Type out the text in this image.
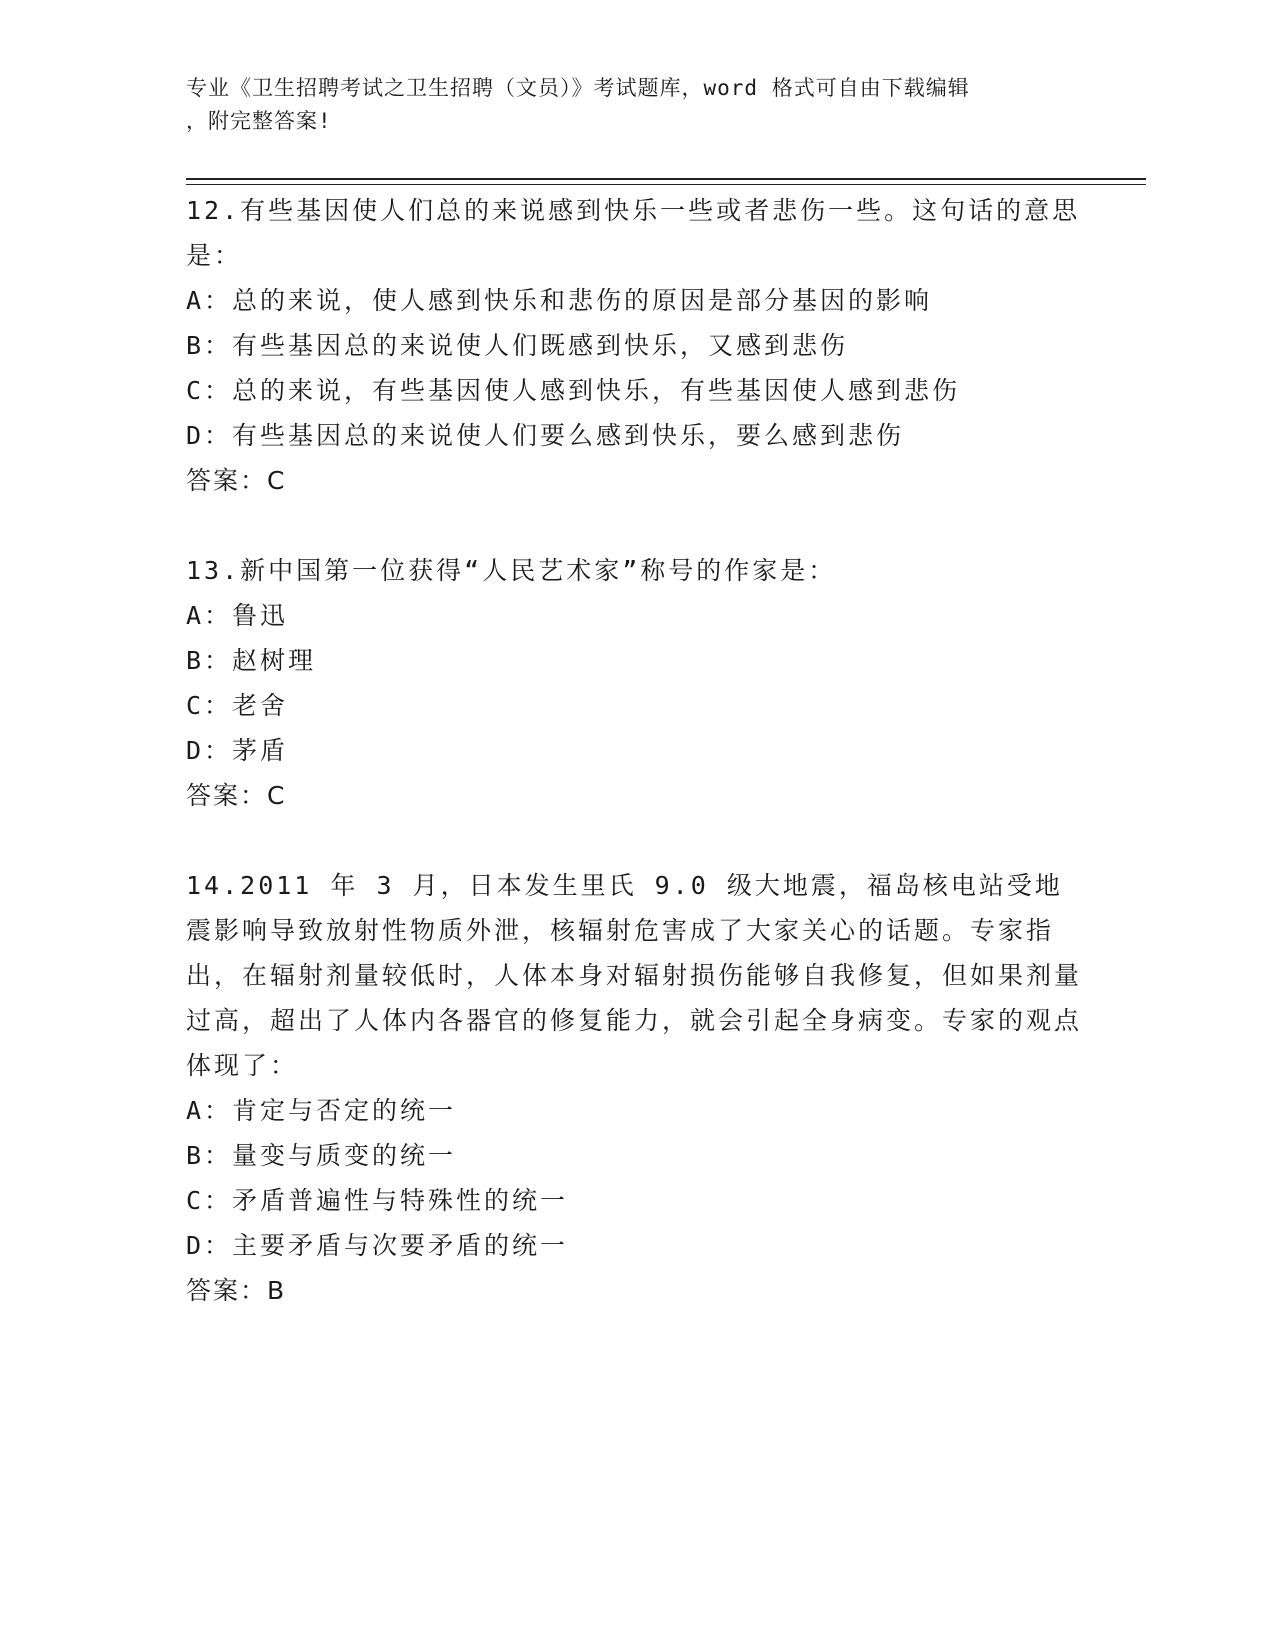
专业《卫生招聘考试之卫生招聘（文员）》考试题库，word 格式可自由下载编辑
，附完整答案!

12.有些基因使人们总的来说感到快乐一些或者悲伤一些。这句话的意思是：

A：总的来说，使人感到快乐和悲伤的原因是部分基因的影响

B：有些基因总的来说使人们既感到快乐，又感到悲伤

C：总的来说，有些基因使人感到快乐，有些基因使人感到悲伤

D：有些基因总的来说使人们要么感到快乐，要么感到悲伤

答案：C

13.新中国第一位获得“人民艺术家”称号的作家是：

A：鲁迅

B：赵树理

C：老舍

D：茅盾

答案：C

14.2011 年 3 月，日本发生里氏 9.0 级大地震，福岛核电站受地震影响导致放射性物质外泄，核辐射危害成了大家关心的话题。专家指出，在辐射剂量较低时，人体本身对辐射损伤能够自我修复，但如果剂量过高，超出了人体内各器官的修复能力，就会引起全身病变。专家的观点体现了：

A：肯定与否定的统一

B：量变与质变的统一

C：矛盾普遍性与特殊性的统一

D：主要矛盾与次要矛盾的统一

答案：B
